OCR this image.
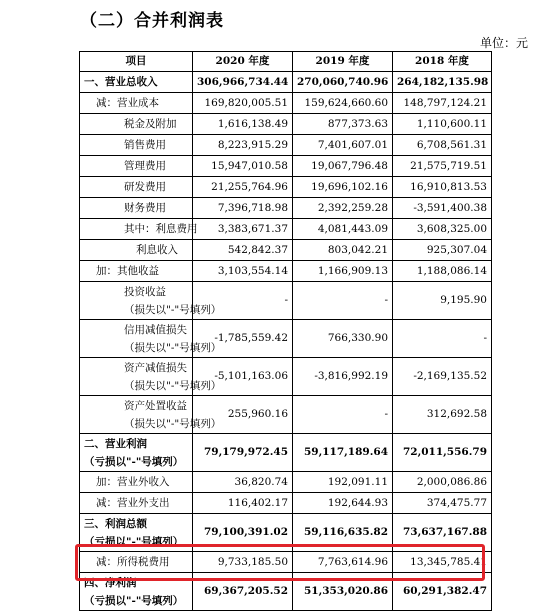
（二）合并利润表
单位：元
项目	2020 年度	2019 年度	2018 年度

一、营业总收入	306,966,734.44	270,060,740.96	264,182,135.98

减：营业成本	169,820,005.51	159,624,660.60	148,797,124.21

税金及附加	1,616,138.49	877,373.63	1,110,600.11

销售费用	8,223,915.29	7,401,607.01	6,708,561.31

管理费用	15,947,010.58	19,067,796.48	21,575,719.51

研发费用	21,255,764.96	19,696,102.16	16,910,813.53

财务费用	7,396,718.98	2,392,259.28	-3,591,400.38

其中：利息费用	3,383,671.37	4,081,443.09	3,608,325.00

利息收入	542,842.37	803,042.21	925,307.04

加：其他收益	3,103,554.14	1,166,909.13	1,188,086.14

投资收益
（损失以"-"号填列）	-	-	9,195.90

信用减值损失
（损失以"-"号填列）	-1,785,559.42	766,330.90	-

资产减值损失
（损失以"-"号填列）	-5,101,163.06	-3,816,992.19	-2,169,135.52

资产处置收益
（损失以"-"号填列）	255,960.16	-	312,692.58

二、营业利润
（亏损以"-"号填列）	79,179,972.45	59,117,189.64	72,011,556.79

加：营业外收入	36,820.74	192,091.11	2,000,086.86

减：营业外支出	116,402.17	192,644.93	374,475.77

三、利润总额
（亏损以"-"号填列）	79,100,391.02	59,116,635.82	73,637,167.88

减：所得税费用	9,733,185.50	7,763,614.96	13,345,785.41

四、净利润
（亏损以"-"号填列）	69,367,205.52	51,353,020.86	60,291,382.47
